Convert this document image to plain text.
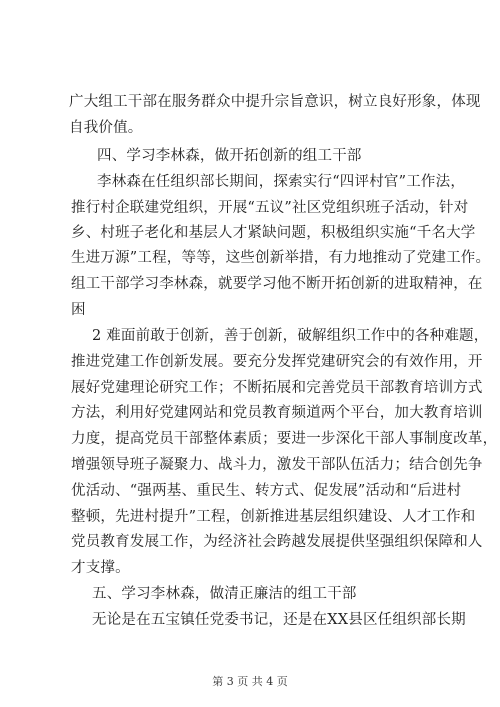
广大组工干部在服务群众中提升宗旨意识，树立良好形象，体现
自我价值。
四、学习李林森，做开拓创新的组工干部
李林森在任组织部长期间，探索实行“四评村官”工作法，
推行村企联建党组织，开展“五议”社区党组织班子活动，针对
乡、村班子老化和基层人才紧缺问题，积极组织实施“千名大学
生进万源”工程，等等，这些创新举措，有力地推动了党建工作。
组工干部学习李林森，就要学习他不断开拓创新的进取精神，在
困
2 难面前敢于创新，善于创新，破解组织工作中的各种难题，
推进党建工作创新发展。要充分发挥党建研究会的有效作用，开
展好党建理论研究工作；不断拓展和完善党员干部教育培训方式
方法，利用好党建网站和党员教育频道两个平台，加大教育培训
力度，提高党员干部整体素质；要进一步深化干部人事制度改革，
增强领导班子凝聚力、战斗力，激发干部队伍活力；结合创先争
优活动、“强两基、重民生、转方式、促发展”活动和“后进村
整顿，先进村提升”工程，创新推进基层组织建设、人才工作和
党员教育发展工作，为经济社会跨越发展提供坚强组织保障和人
才支撑。
五、学习李林森，做清正廉洁的组工干部
无论是在五宝镇任党委书记，还是在XX县区任组织部长期
第 3 页 共 4 页
